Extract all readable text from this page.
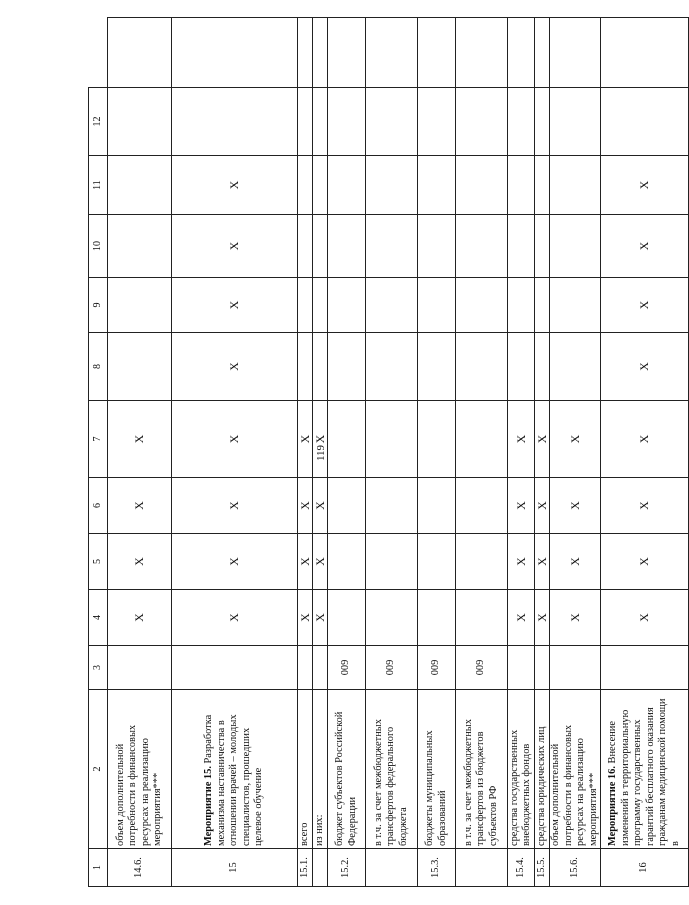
119
1	2	3	4	5	6	7	8	9	10	11	12	
14.6.	объем дополнительной потребности в финансовых ресурсах на реализацию мероприятия***		X	X	X	X						
15	Мероприятие 15. Разработка механизма наставничества в отношении врачей – молодых специалистов, прошедших целевое обучение		X	X	X	X	X	X	X	X		
15.1.	всего		X	X	X	X						
	из них:		X	X	X	X						
15.2.	бюджет субъектов Российской Федерации	009										
	в т.ч. за счет межбюджетных трансфертов федерального бюджета	009										
15.3.	бюджеты муниципальных образований	009										
	в т.ч. за счет межбюджетных трансфертов из бюджетов субъектов РФ	009										
15.4.	средства государственных внебюджетных фондов		X	X	X	X						
15.5.	средства юридических лиц		X	X	X	X						
15.6.	объем дополнительной потребности в финансовых ресурсах на реализацию мероприятия***		X	X	X	X						
16	Мероприятие 16. Внесение изменений в территориальную программу государственных гарантий бесплатного оказания гражданам медицинской помощи в		X	X	X	X	X	X	X	X		
